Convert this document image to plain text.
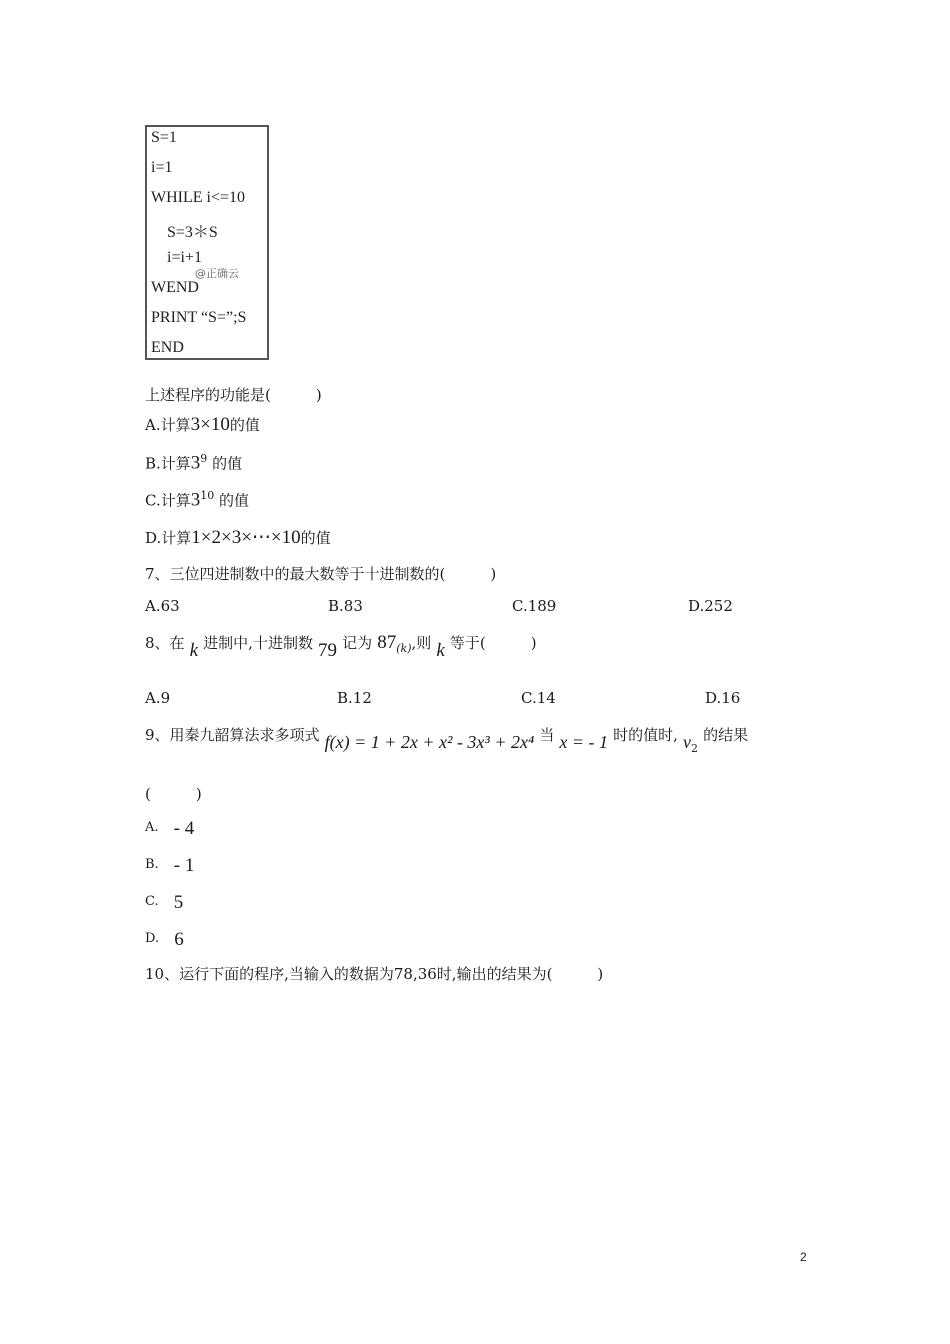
S=1
i=1
WHILE i<=10
S=3＊S
i=i+1
@正确云
WEND
PRINT “S=”;S
END
上述程序的功能是(　　　)
A.计算3×10的值
B.计算$3^9$ 的值
C.计算$3^{10}$ 的值
D.计算1×2×3×⋯×10的值
7、三位四进制数中的最大数等于十进制数的(　　　)
A.63	B.83	C.189	D.252
8、在 k 进制中,十进制数 79 记为 $87_{(k)}$,则 k 等于(　　　)
A.9	B.12	C.14	D.16
9、用秦九韶算法求多项式 f(x) = 1 + 2x + x² - 3x³ + 2x⁴ 当 x = - 1 时的值时, $v_2$ 的结果
(　　　)
A. - 4
B. - 1
C. 5
D. 6
10、运行下面的程序,当输入的数据为78,36时,输出的结果为(　　　)
2
